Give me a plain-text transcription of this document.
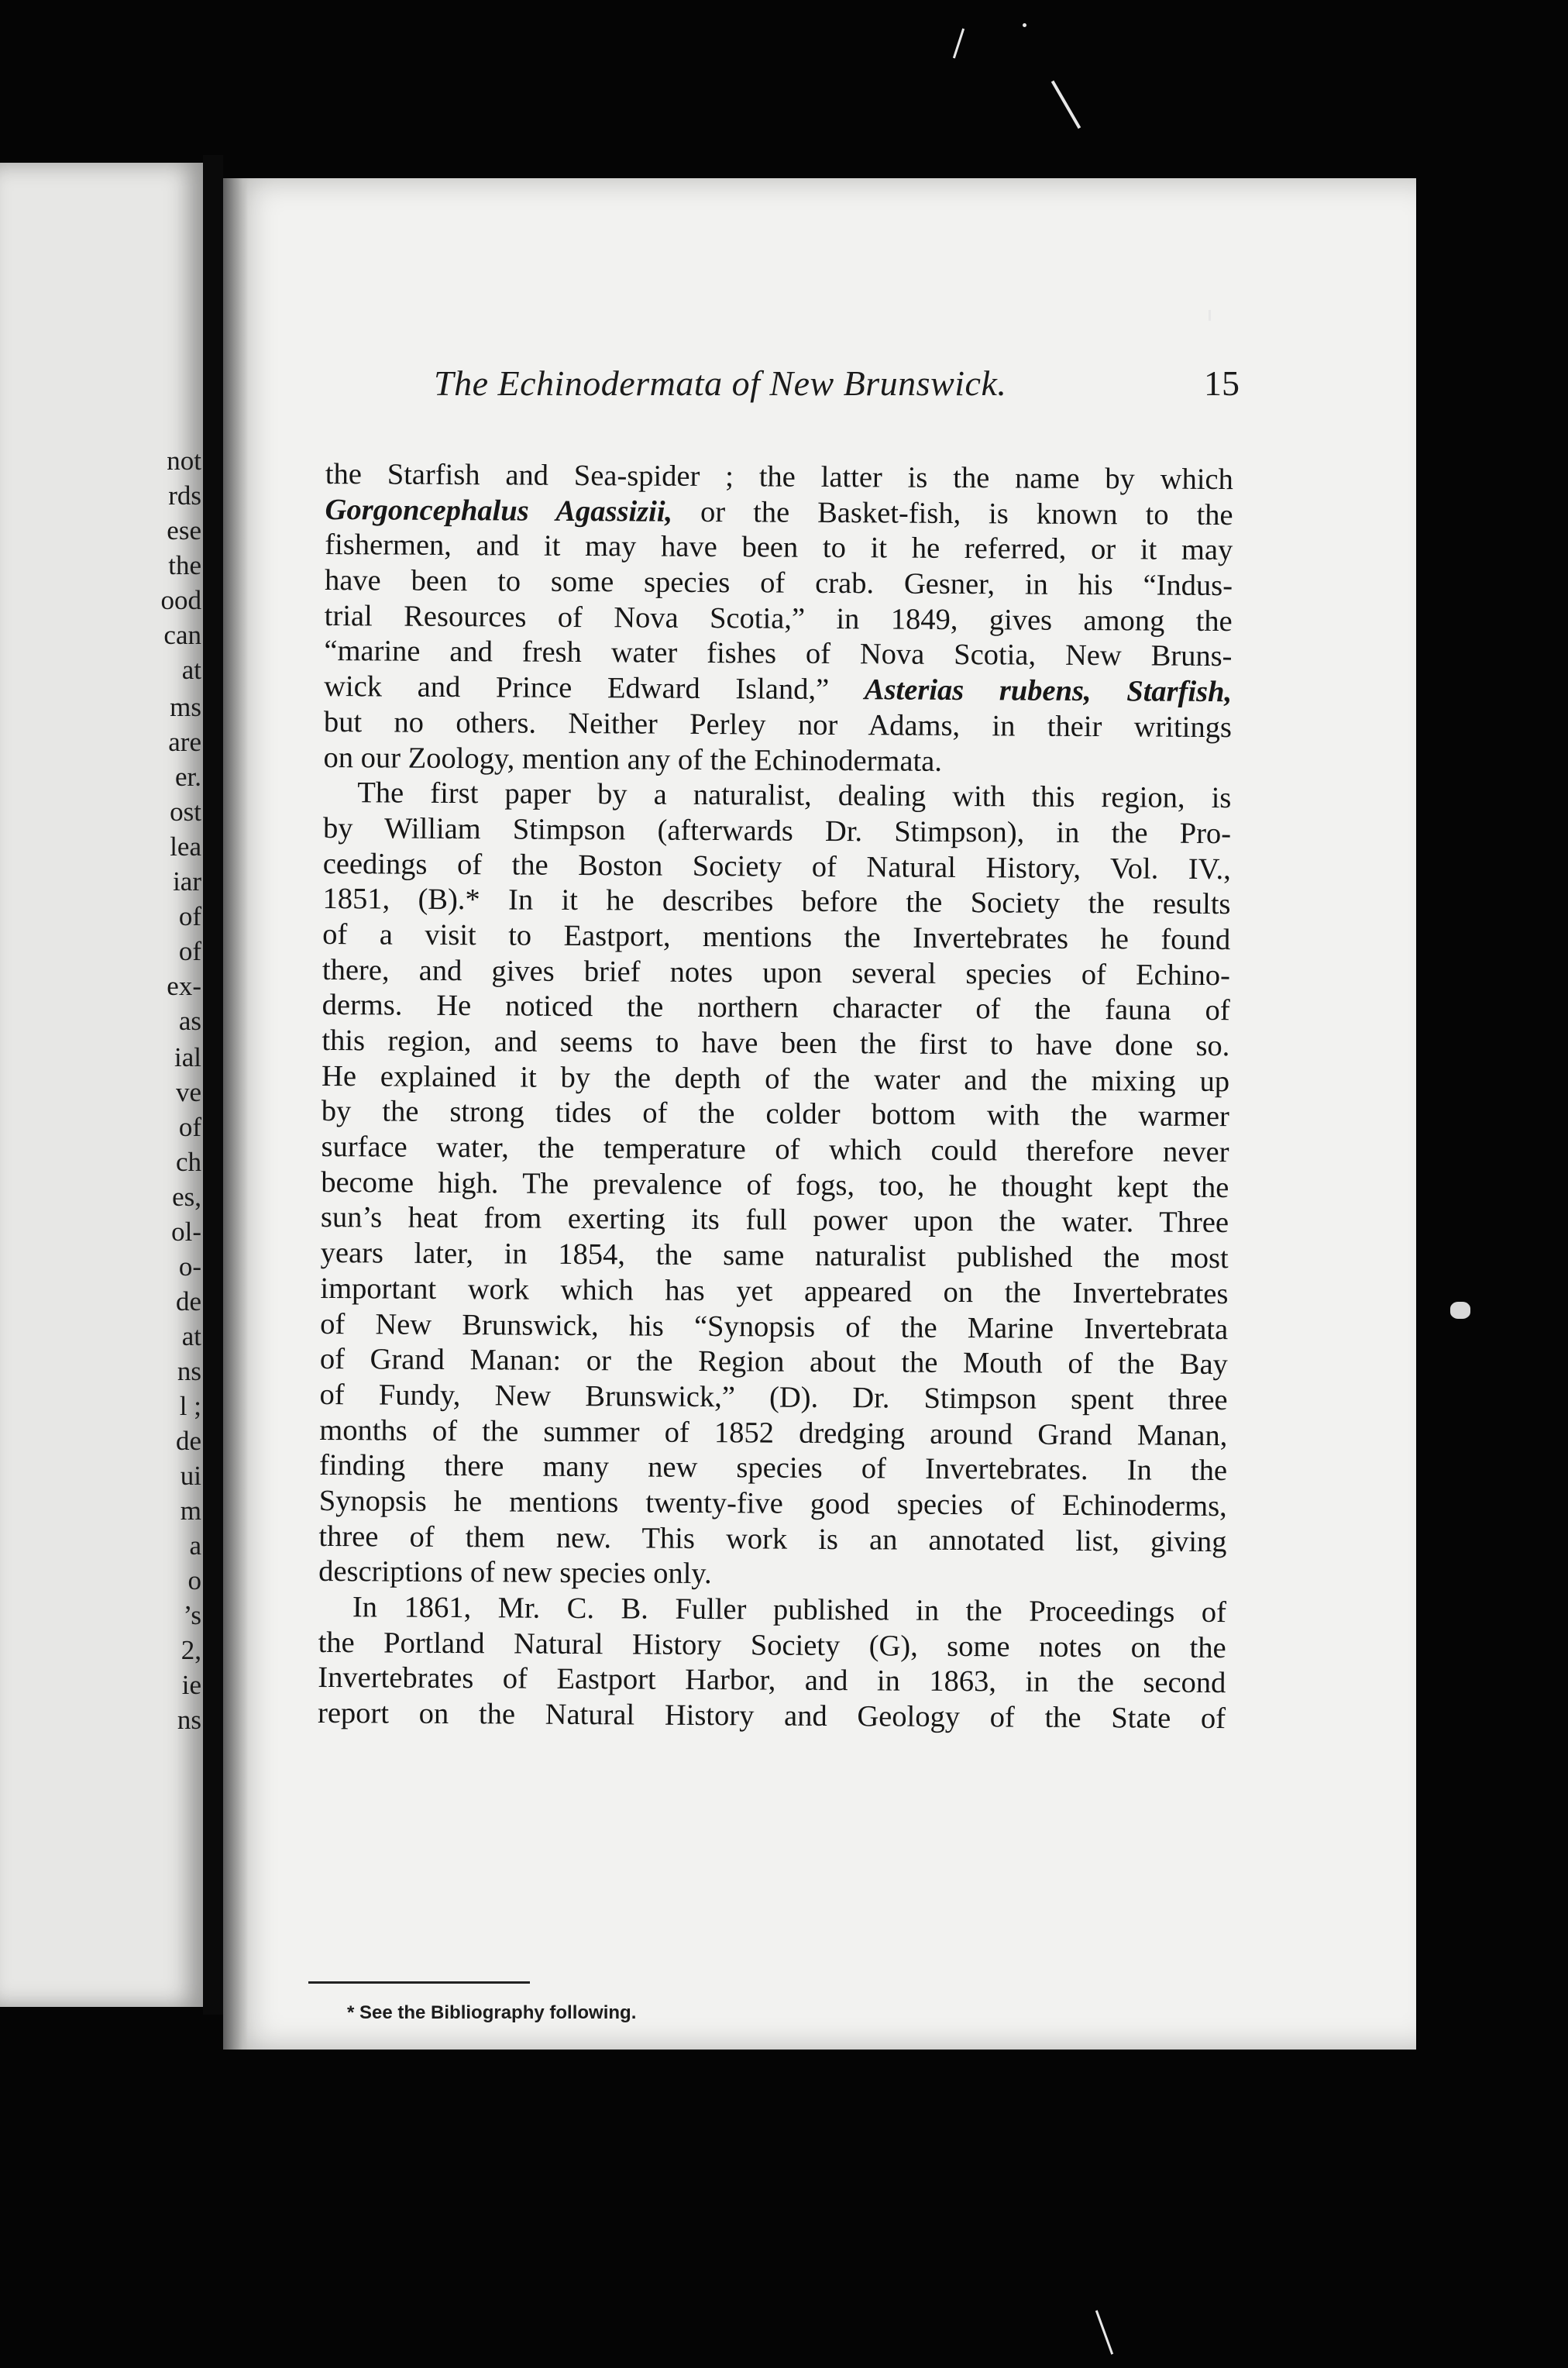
not
rds
ese
the
ood
can
at
ms
are
er.
ost
lea
iar
of
of
ex-
as
ial
ve
of
ch
es,
ol-
o-
de
at
ns
l ;
de
ui
m
a
o
’s
2,
ie
ns
The Echinodermata of New Brunswick.	15
the Starfish and Sea-spider ; the latter is the name by which
Gorgoncephalus Agassizii, or the Basket-fish, is known to the
fishermen, and it may have been to it he referred, or it may
have been to some species of crab. Gesner, in his “Indus-
trial Resources of Nova Scotia,” in 1849, gives among the
“marine and fresh water fishes of Nova Scotia, New Bruns-
wick and Prince Edward Island,” Asterias rubens, Starfish,
but no others. Neither Perley nor Adams, in their writings
on our Zoology, mention any of the Echinodermata.
The first paper by a naturalist, dealing with this region, is
by William Stimpson (afterwards Dr. Stimpson), in the Pro-
ceedings of the Boston Society of Natural History, Vol. IV.,
1851, (B).* In it he describes before the Society the results
of a visit to Eastport, mentions the Invertebrates he found
there, and gives brief notes upon several species of Echino-
derms. He noticed the northern character of the fauna of
this region, and seems to have been the first to have done so.
He explained it by the depth of the water and the mixing up
by the strong tides of the colder bottom with the warmer
surface water, the temperature of which could therefore never
become high. The prevalence of fogs, too, he thought kept the
sun’s heat from exerting its full power upon the water. Three
years later, in 1854, the same naturalist published the most
important work which has yet appeared on the Invertebrates
of New Brunswick, his “Synopsis of the Marine Invertebrata
of Grand Manan: or the Region about the Mouth of the Bay
of Fundy, New Brunswick,” (D). Dr. Stimpson spent three
months of the summer of 1852 dredging around Grand Manan,
finding there many new species of Invertebrates. In the
Synopsis he mentions twenty-five good species of Echinoderms,
three of them new. This work is an annotated list, giving
descriptions of new species only.
In 1861, Mr. C. B. Fuller published in the Proceedings of
the Portland Natural History Society (G), some notes on the
Invertebrates of Eastport Harbor, and in 1863, in the second
report on the Natural History and Geology of the State of
* See the Bibliography following.
